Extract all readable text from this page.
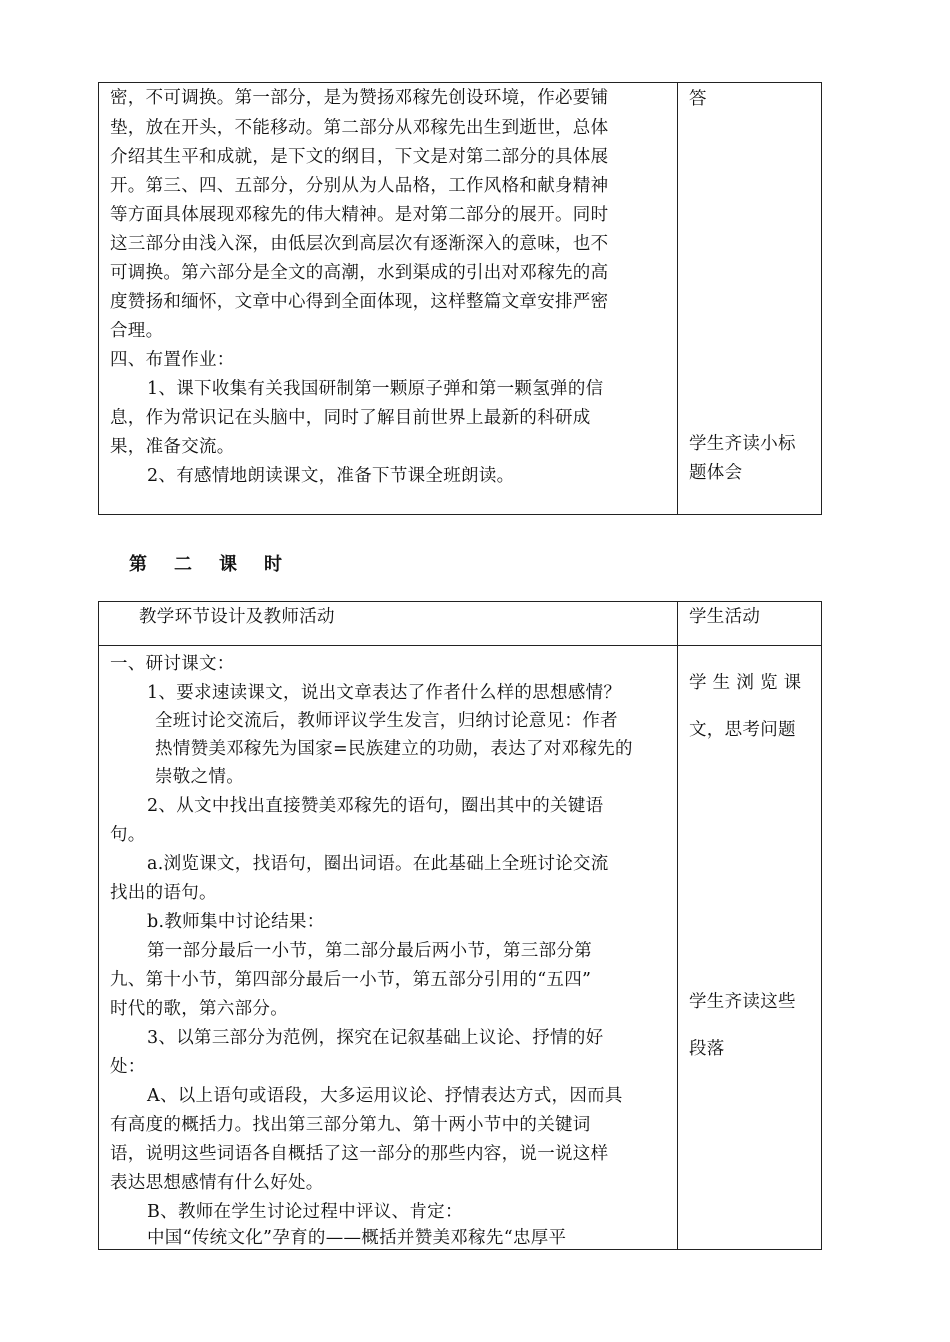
密，不可调换。第一部分，是为赞扬邓稼先创设环境，作必要铺
垫，放在开头，不能移动。第二部分从邓稼先出生到逝世，总体
介绍其生平和成就，是下文的纲目，下文是对第二部分的具体展
开。第三、四、五部分，分别从为人品格，工作风格和献身精神
等方面具体展现邓稼先的伟大精神。是对第二部分的展开。同时
这三部分由浅入深，由低层次到高层次有逐渐深入的意味，也不
可调换。第六部分是全文的高潮，水到渠成的引出对邓稼先的高
度赞扬和缅怀，文章中心得到全面体现，这样整篇文章安排严密
合理。
四、布置作业：
1、课下收集有关我国研制第一颗原子弹和第一颗氢弹的信
息，作为常识记在头脑中，同时了解目前世界上最新的科研成
果，准备交流。
2、有感情地朗读课文，准备下节课全班朗读。
答
学生齐读小标
题体会
第 二 课 时
教学环节设计及教师活动	学生活动
一、研讨课文：
1、要求速读课文，说出文章表达了作者什么样的思想感情？
全班讨论交流后，教师评议学生发言，归纳讨论意见：作者
热情赞美邓稼先为国家=民族建立的功勋，表达了对邓稼先的
崇敬之情。
2、从文中找出直接赞美邓稼先的语句，圈出其中的关键语
句。
a.浏览课文，找语句，圈出词语。在此基础上全班讨论交流
找出的语句。
b.教师集中讨论结果：
第一部分最后一小节，第二部分最后两小节，第三部分第
九、第十小节，第四部分最后一小节，第五部分引用的“五四”
时代的歌，第六部分。
3、以第三部分为范例，探究在记叙基础上议论、抒情的好
处：
A、以上语句或语段，大多运用议论、抒情表达方式，因而具
有高度的概括力。找出第三部分第九、第十两小节中的关键词
语，说明这些词语各自概括了这一部分的那些内容，说一说这样
表达思想感情有什么好处。
B、教师在学生讨论过程中评议、肯定：
中国“传统文化”孕育的——概括并赞美邓稼先“忠厚平
学 生 浏 览 课
文，思考问题
学生齐读这些
段落
